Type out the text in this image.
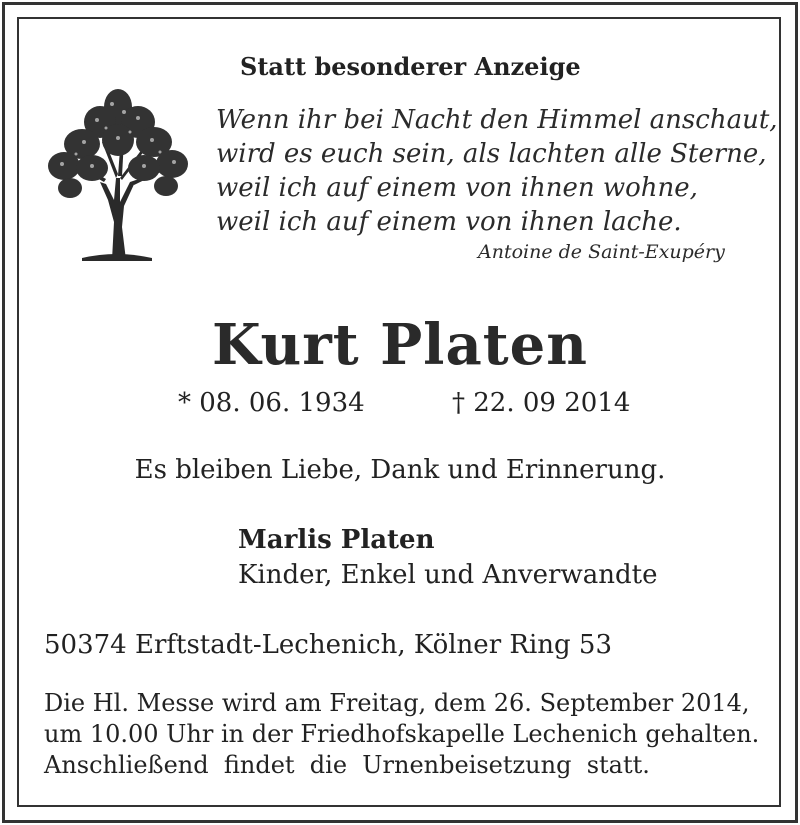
Statt besonderer Anzeige
Wenn ihr bei Nacht den Himmel anschaut,
wird es euch sein, als lachten alle Sterne,
weil ich auf einem von ihnen wohne,
weil ich auf einem von ihnen lache.
Antoine de Saint-Exupéry
Kurt Platen
* 08. 06. 1934	† 22. 09 2014
Es bleiben Liebe, Dank und Erinnerung.
Marlis Platen
Kinder, Enkel und Anverwandte
50374 Erftstadt-Lechenich, Kölner Ring 53
Die Hl. Messe wird am Freitag, dem 26. September 2014,
um 10.00 Uhr in der Friedhofskapelle Lechenich gehalten.
Anschließend  findet  die  Urnenbeisetzung  statt.
